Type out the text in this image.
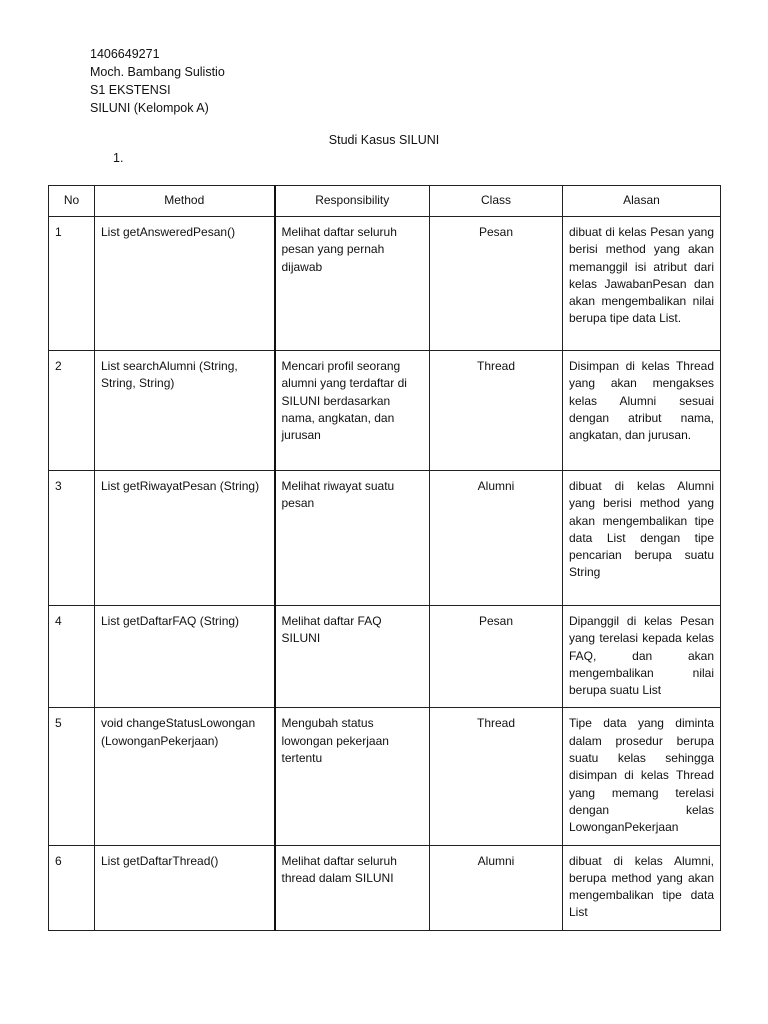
1406649271
Moch. Bambang Sulistio
S1 EKSTENSI
SILUNI (Kelompok A)
Studi Kasus SILUNI
1.
No	Method	Responsibility	Class	Alasan
1	List getAnsweredPesan()	Melihat daftar seluruh pesan yang pernah dijawab	Pesan	dibuat di kelas Pesan yang berisi method yang akan memanggil isi atribut dari kelas JawabanPesan dan akan mengembalikan nilai berupa tipe data List.
2	List searchAlumni (String, String, String)	Mencari profil seorang alumni yang terdaftar di SILUNI berdasarkan nama, angkatan, dan jurusan	Thread	Disimpan di kelas Thread yang akan mengakses kelas Alumni sesuai dengan atribut nama, angkatan, dan jurusan.
3	List getRiwayatPesan (String)	Melihat riwayat suatu pesan	Alumni	dibuat di kelas Alumni yang berisi method yang akan mengembalikan tipe data List dengan tipe pencarian berupa suatu String
4	List getDaftarFAQ (String)	Melihat daftar FAQ SILUNI	Pesan	Dipanggil di kelas Pesan yang terelasi kepada kelas FAQ, dan akan mengembalikan nilai berupa suatu List
5	void changeStatusLowongan (LowonganPekerjaan)	Mengubah status lowongan pekerjaan tertentu	Thread	Tipe data yang diminta dalam prosedur berupa suatu kelas sehingga disimpan di kelas Thread yang memang terelasi dengan kelas LowonganPekerjaan
6	List getDaftarThread()	Melihat daftar seluruh thread dalam SILUNI	Alumni	dibuat di kelas Alumni, berupa method yang akan mengembalikan tipe data List
